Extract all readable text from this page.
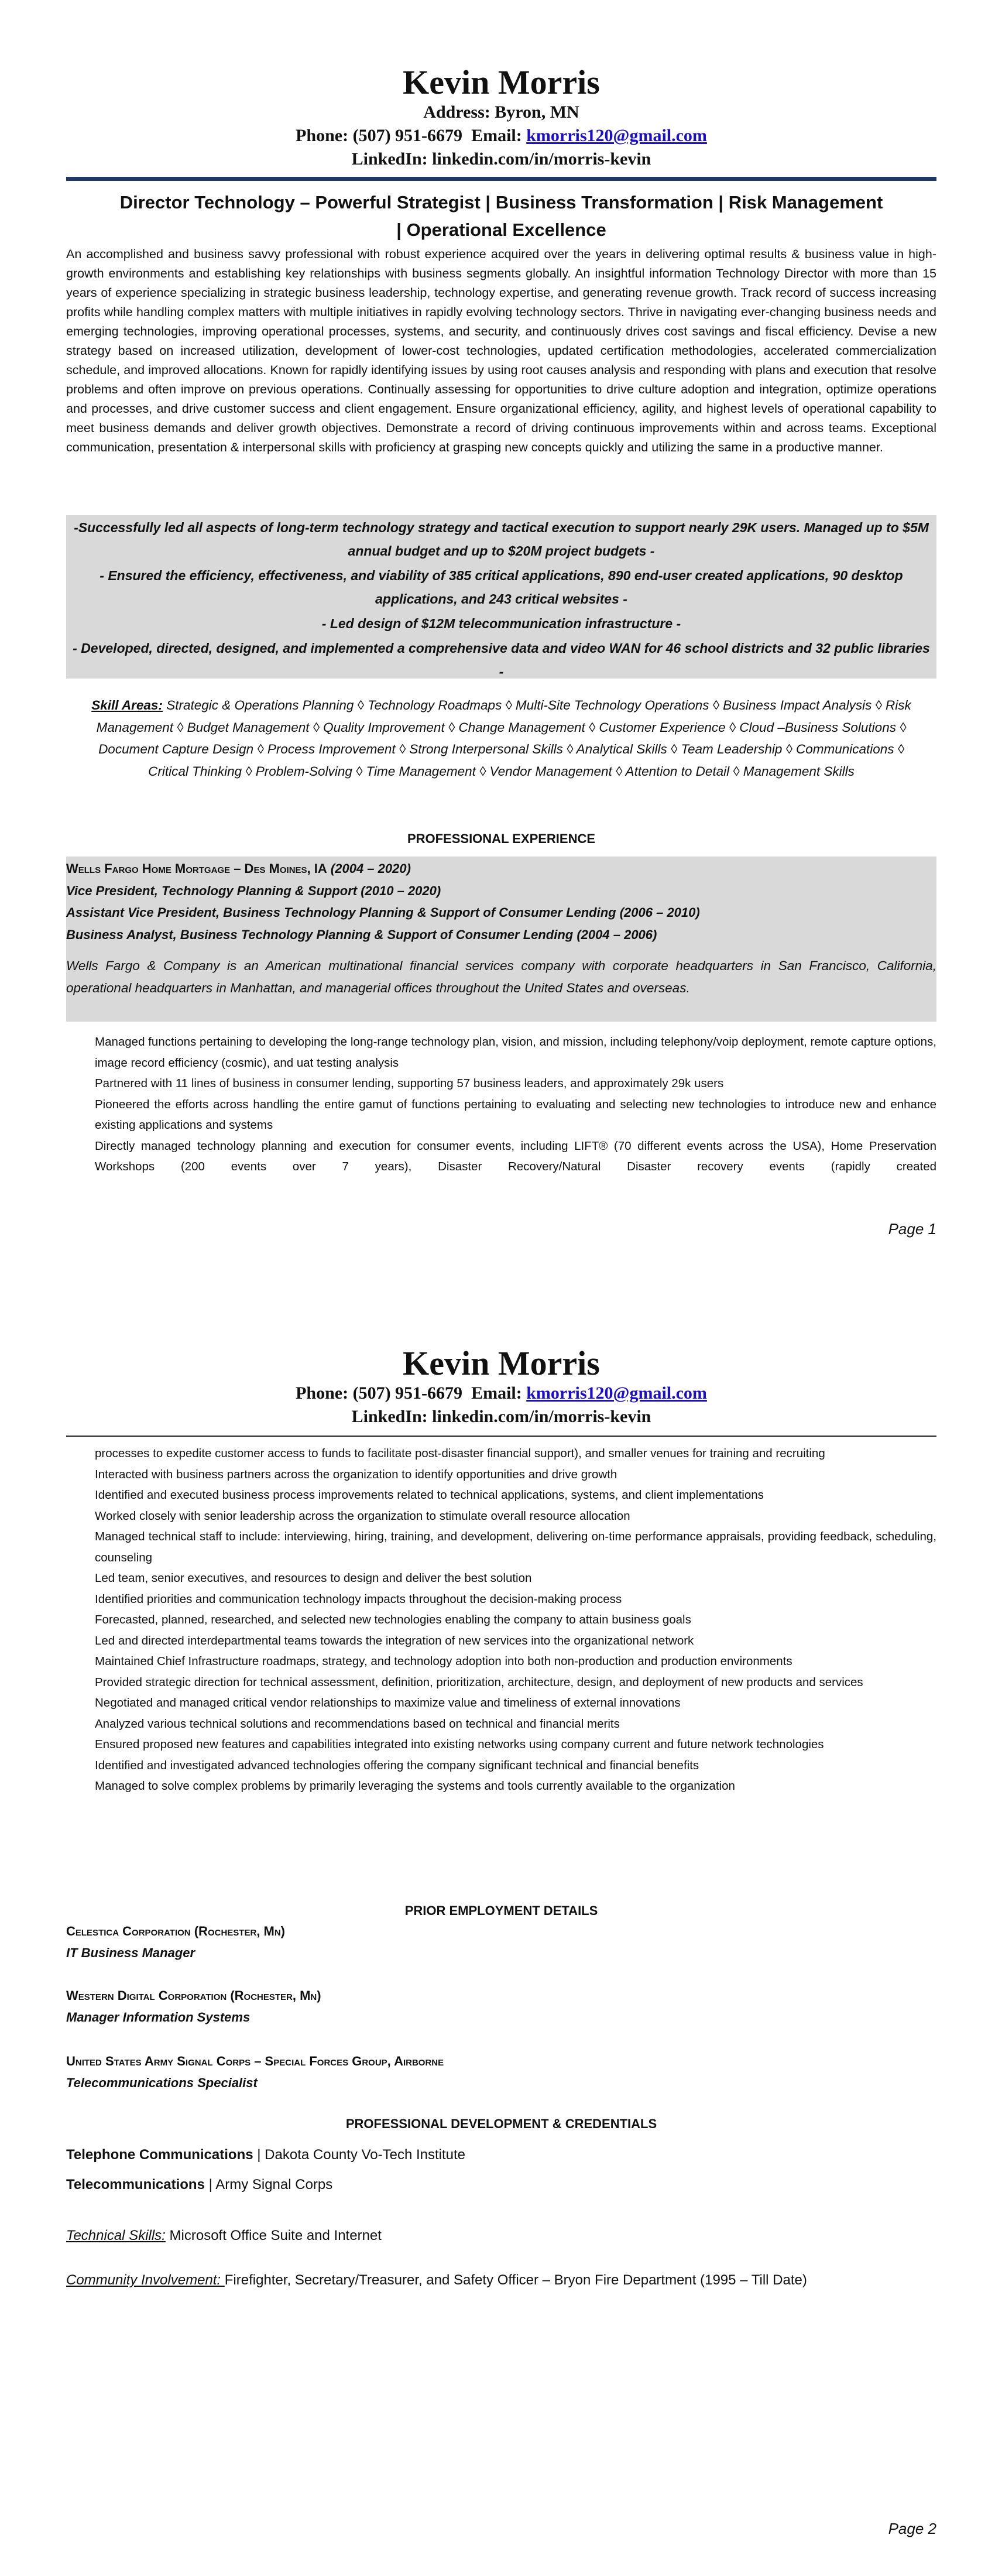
Kevin Morris
Address: Byron, MN
Phone: (507) 951-6679 Email: kmorris120@gmail.com
LinkedIn: linkedin.com/in/morris-kevin
Director Technology – Powerful Strategist | Business Transformation | Risk Management | Operational Excellence
An accomplished and business savvy professional with robust experience acquired over the years in delivering optimal results & business value in high-growth environments and establishing key relationships with business segments globally. An insightful information Technology Director with more than 15 years of experience specializing in strategic business leadership, technology expertise, and generating revenue growth. Track record of success increasing profits while handling complex matters with multiple initiatives in rapidly evolving technology sectors. Thrive in navigating ever-changing business needs and emerging technologies, improving operational processes, systems, and security, and continuously drives cost savings and fiscal efficiency. Devise a new strategy based on increased utilization, development of lower-cost technologies, updated certification methodologies, accelerated commercialization schedule, and improved allocations. Known for rapidly identifying issues by using root causes analysis and responding with plans and execution that resolve problems and often improve on previous operations. Continually assessing for opportunities to drive culture adoption and integration, optimize operations and processes, and drive customer success and client engagement. Ensure organizational efficiency, agility, and highest levels of operational capability to meet business demands and deliver growth objectives. Demonstrate a record of driving continuous improvements within and across teams. Exceptional communication, presentation & interpersonal skills with proficiency at grasping new concepts quickly and utilizing the same in a productive manner.
-Successfully led all aspects of long-term technology strategy and tactical execution to support nearly 29K users. Managed up to $5M annual budget and up to $20M project budgets -
- Ensured the efficiency, effectiveness, and viability of 385 critical applications, 890 end-user created applications, 90 desktop applications, and 243 critical websites -
- Led design of $12M telecommunication infrastructure -
- Developed, directed, designed, and implemented a comprehensive data and video WAN for 46 school districts and 32 public libraries -
Skill Areas: Strategic & Operations Planning ◊ Technology Roadmaps ◊ Multi-Site Technology Operations ◊ Business Impact Analysis ◊ Risk Management ◊ Budget Management ◊ Quality Improvement ◊ Change Management ◊ Customer Experience ◊ Cloud –Business Solutions ◊ Document Capture Design ◊ Process Improvement ◊ Strong Interpersonal Skills ◊ Analytical Skills ◊ Team Leadership ◊ Communications ◊ Critical Thinking ◊ Problem-Solving ◊ Time Management ◊ Vendor Management ◊ Attention to Detail ◊ Management Skills
PROFESSIONAL EXPERIENCE
Wells Fargo Home Mortgage – Des Moines, IA (2004 – 2020)
Vice President, Technology Planning & Support (2010 – 2020)
Assistant Vice President, Business Technology Planning & Support of Consumer Lending (2006 – 2010)
Business Analyst, Business Technology Planning & Support of Consumer Lending (2004 – 2006)
Wells Fargo & Company is an American multinational financial services company with corporate headquarters in San Francisco, California, operational headquarters in Manhattan, and managerial offices throughout the United States and overseas.
Managed functions pertaining to developing the long-range technology plan, vision, and mission, including telephony/voip deployment, remote capture options, image record efficiency (cosmic), and uat testing analysis
Partnered with 11 lines of business in consumer lending, supporting 57 business leaders, and approximately 29k users
Pioneered the efforts across handling the entire gamut of functions pertaining to evaluating and selecting new technologies to introduce new and enhance existing applications and systems
Directly managed technology planning and execution for consumer events, including LIFT® (70 different events across the USA), Home Preservation Workshops (200 events over 7 years), Disaster Recovery/Natural Disaster recovery events (rapidly created
Page 1
Kevin Morris
Phone: (507) 951-6679 Email: kmorris120@gmail.com
LinkedIn: linkedin.com/in/morris-kevin
processes to expedite customer access to funds to facilitate post-disaster financial support), and smaller venues for training and recruiting
Interacted with business partners across the organization to identify opportunities and drive growth
Identified and executed business process improvements related to technical applications, systems, and client implementations
Worked closely with senior leadership across the organization to stimulate overall resource allocation
Managed technical staff to include: interviewing, hiring, training, and development, delivering on-time performance appraisals, providing feedback, scheduling, counseling
Led team, senior executives, and resources to design and deliver the best solution
Identified priorities and communication technology impacts throughout the decision-making process
Forecasted, planned, researched, and selected new technologies enabling the company to attain business goals
Led and directed interdepartmental teams towards the integration of new services into the organizational network
Maintained Chief Infrastructure roadmaps, strategy, and technology adoption into both non-production and production environments
Provided strategic direction for technical assessment, definition, prioritization, architecture, design, and deployment of new products and services
Negotiated and managed critical vendor relationships to maximize value and timeliness of external innovations
Analyzed various technical solutions and recommendations based on technical and financial merits
Ensured proposed new features and capabilities integrated into existing networks using company current and future network technologies
Identified and investigated advanced technologies offering the company significant technical and financial benefits
Managed to solve complex problems by primarily leveraging the systems and tools currently available to the organization
PRIOR EMPLOYMENT DETAILS
Celestica Corporation (Rochester, Mn)
IT Business Manager
Western Digital Corporation (Rochester, Mn)
Manager Information Systems
United States Army Signal Corps – Special Forces Group, Airborne
Telecommunications Specialist
PROFESSIONAL DEVELOPMENT & CREDENTIALS
Telephone Communications | Dakota County Vo-Tech Institute
Telecommunications | Army Signal Corps
Technical Skills: Microsoft Office Suite and Internet
Community Involvement: Firefighter, Secretary/Treasurer, and Safety Officer – Bryon Fire Department (1995 – Till Date)
Page 2
